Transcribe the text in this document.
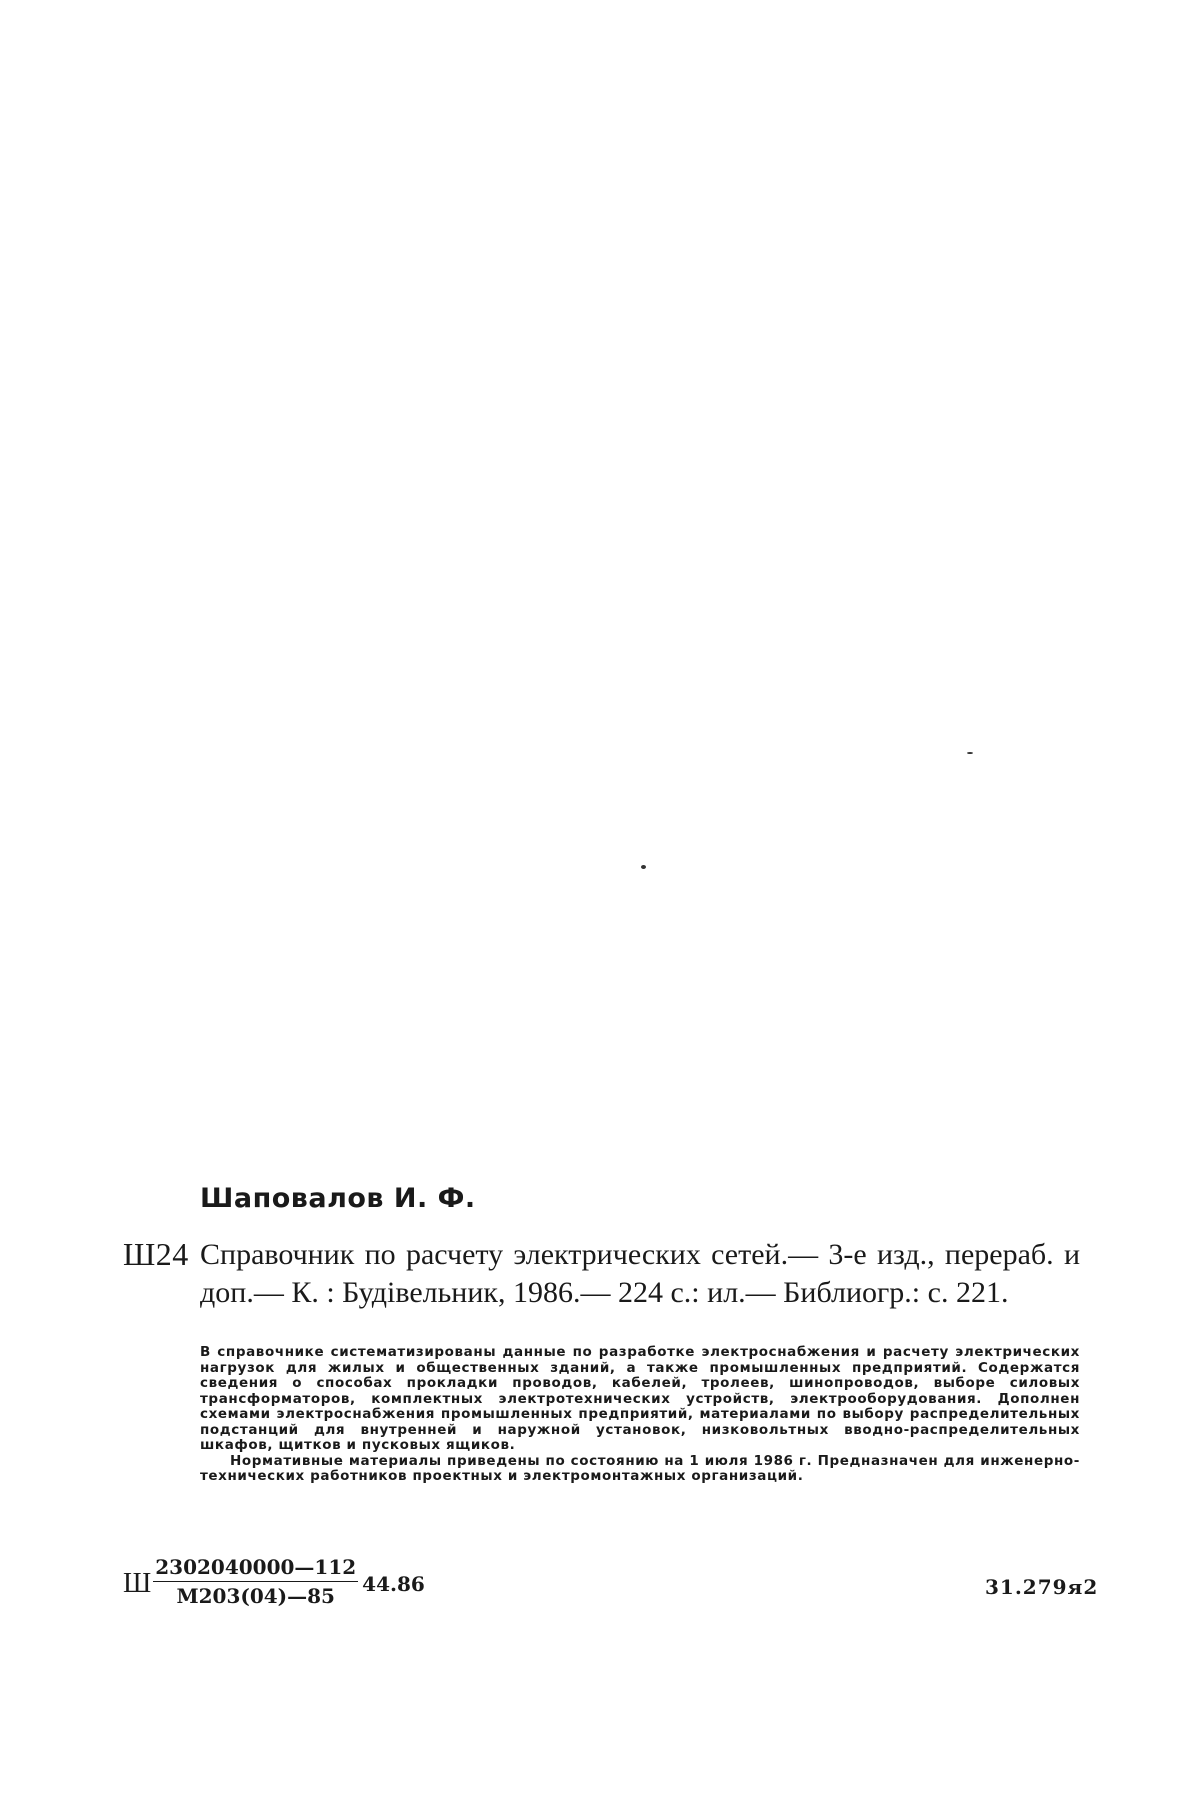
Шаповалов И. Ф.
Ш24 Справочник по расчету электрических сетей.— 3-е изд., перераб. и доп.— К. : Будівельник, 1986.— 224 с.: ил.— Библиогр.: с. 221.

В справочнике систематизированы данные по разработке электроснабжения и расчету электрических нагрузок для жилых и общественных зданий, а также промышленных предприятий. Содержатся сведения о способах прокладки проводов, кабелей, тролеев, шинопроводов, выборе силовых трансформаторов, комплектных электротехнических устройств, электрооборудования. Дополнен схемами электроснабжения промышленных предприятий, материалами по выбору распределительных подстанций для внутренней и наружной установок, низковольтных вводно-распределительных шкафов, щитков и пусковых ящиков.

Нормативные материалы приведены по состоянию на 1 июля 1986 г. Предназначен для инженерно-технических работников проектных и электромонтажных организаций.

Ш $\frac{2302040000—112}{М203(04)—85} 44.86$	31.279я2
